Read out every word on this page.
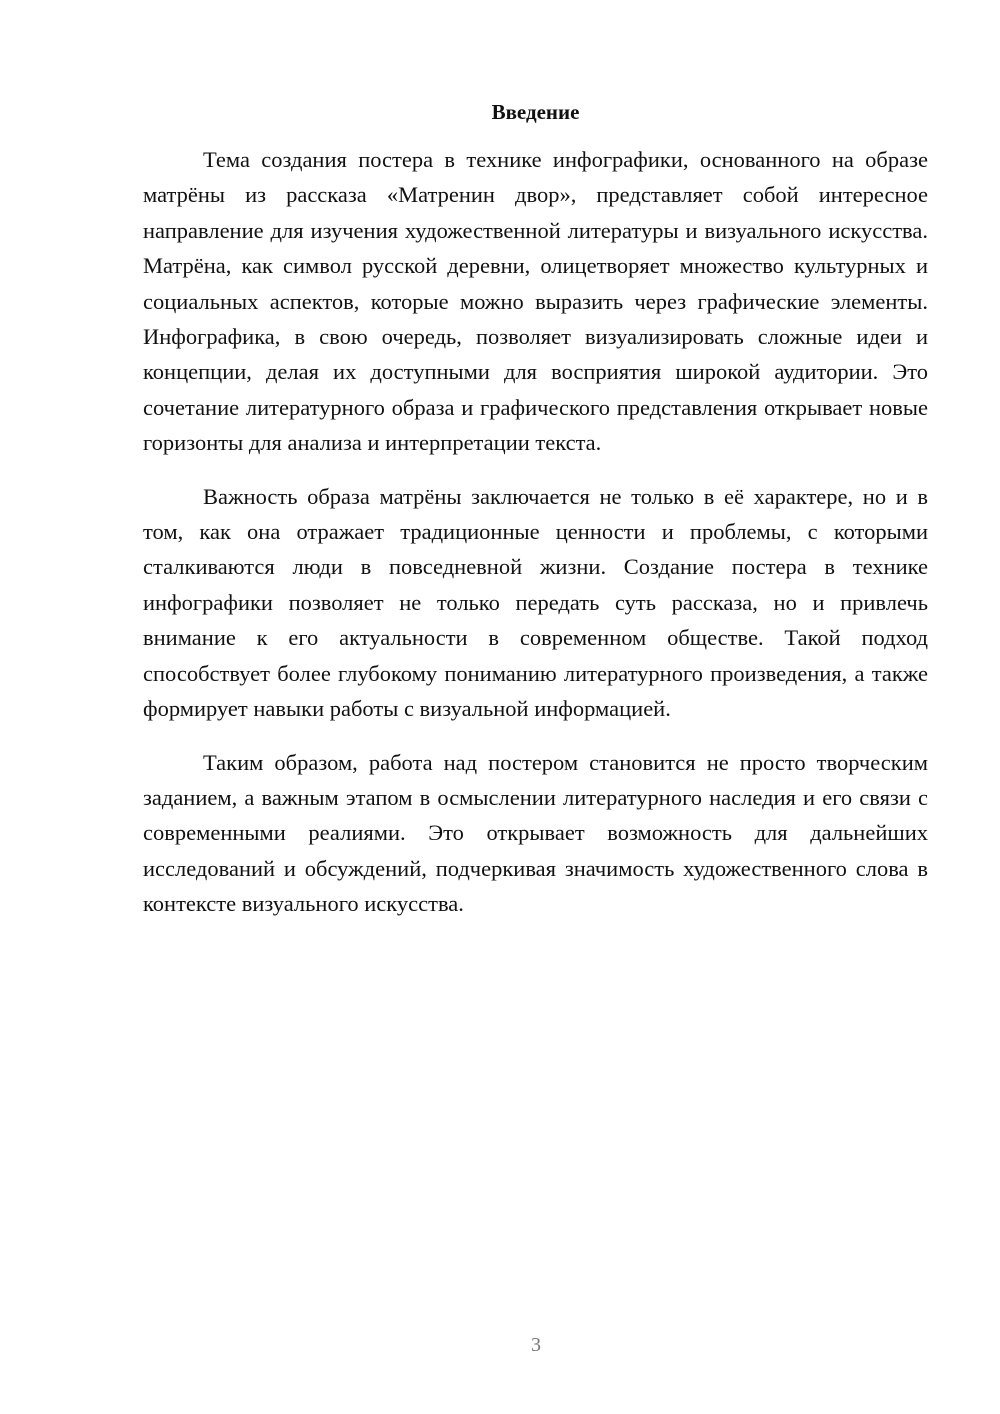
Введение

Тема создания постера в технике инфографики, основанного на образе матрёны из рассказа «Матренин двор», представляет собой интересное направление для изучения художественной литературы и визуального искусства. Матрёна, как символ русской деревни, олицетворяет множество культурных и социальных аспектов, которые можно выразить через графические элементы. Инфографика, в свою очередь, позволяет визуализировать сложные идеи и концепции, делая их доступными для восприятия широкой аудитории. Это сочетание литературного образа и графического представления открывает новые горизонты для анализа и интерпретации текста.

Важность образа матрёны заключается не только в её характере, но и в том, как она отражает традиционные ценности и проблемы, с которыми сталкиваются люди в повседневной жизни. Создание постера в технике инфографики позволяет не только передать суть рассказа, но и привлечь внимание к его актуальности в современном обществе. Такой подход способствует более глубокому пониманию литературного произведения, а также формирует навыки работы с визуальной информацией.

Таким образом, работа над постером становится не просто творческим заданием, а важным этапом в осмыслении литературного наследия и его связи с современными реалиями. Это открывает возможность для дальнейших исследований и обсуждений, подчеркивая значимость художественного слова в контексте визуального искусства.

3
